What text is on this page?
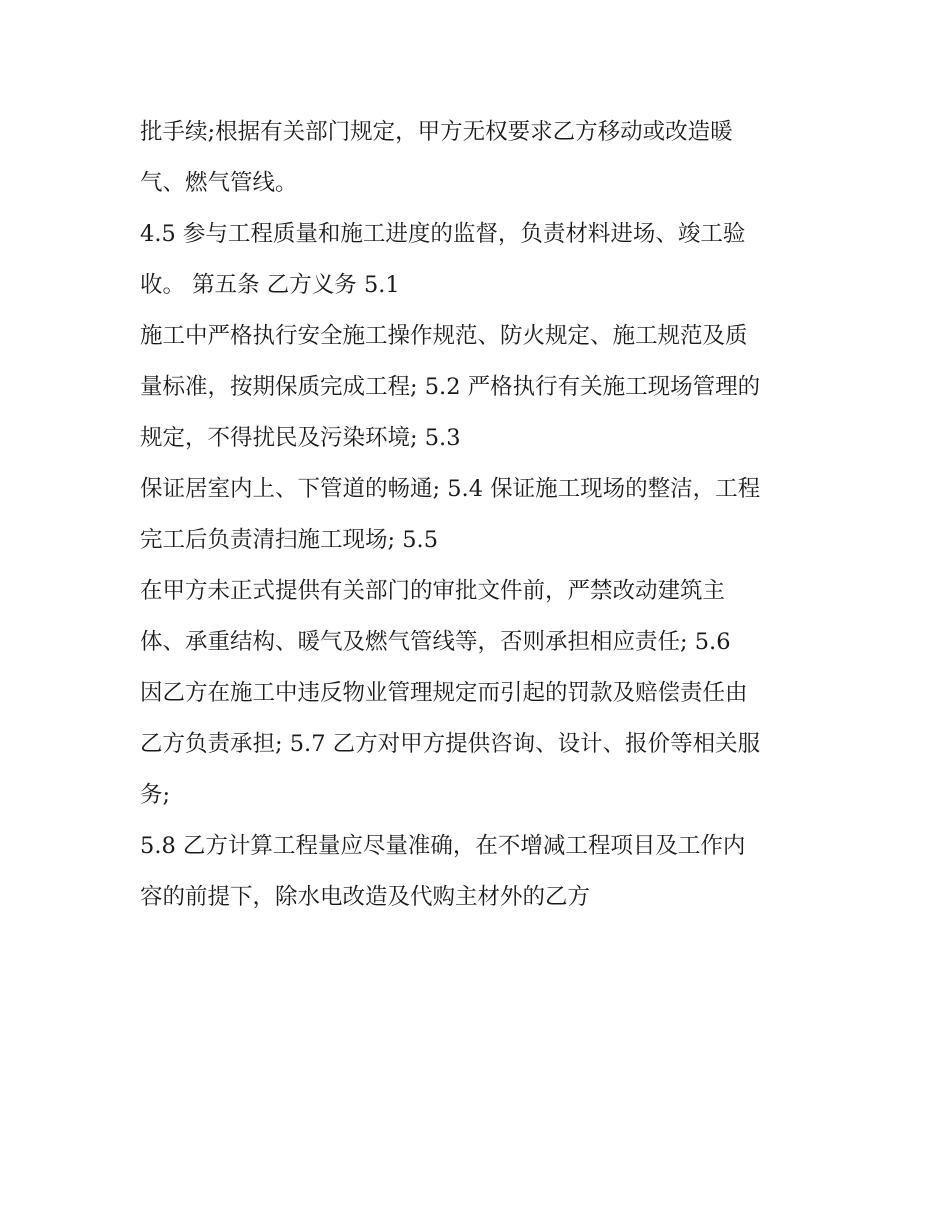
批手续;根据有关部门规定，甲方无权要求乙方移动或改造暖

气、燃气管线。

4.5 参与工程质量和施工进度的监督，负责材料进场、竣工验

收。 第五条 乙方义务 5.1

施工中严格执行安全施工操作规范、防火规定、施工规范及质

量标准，按期保质完成工程; 5.2 严格执行有关施工现场管理的

规定，不得扰民及污染环境; 5.3

保证居室内上、下管道的畅通; 5.4 保证施工现场的整洁，工程

完工后负责清扫施工现场; 5.5

在甲方未正式提供有关部门的审批文件前，严禁改动建筑主

体、承重结构、暖气及燃气管线等，否则承担相应责任; 5.6

因乙方在施工中违反物业管理规定而引起的罚款及赔偿责任由

乙方负责承担; 5.7 乙方对甲方提供咨询、设计、报价等相关服

务;

5.8 乙方计算工程量应尽量准确，在不增减工程项目及工作内

容的前提下，除水电改造及代购主材外的乙方
